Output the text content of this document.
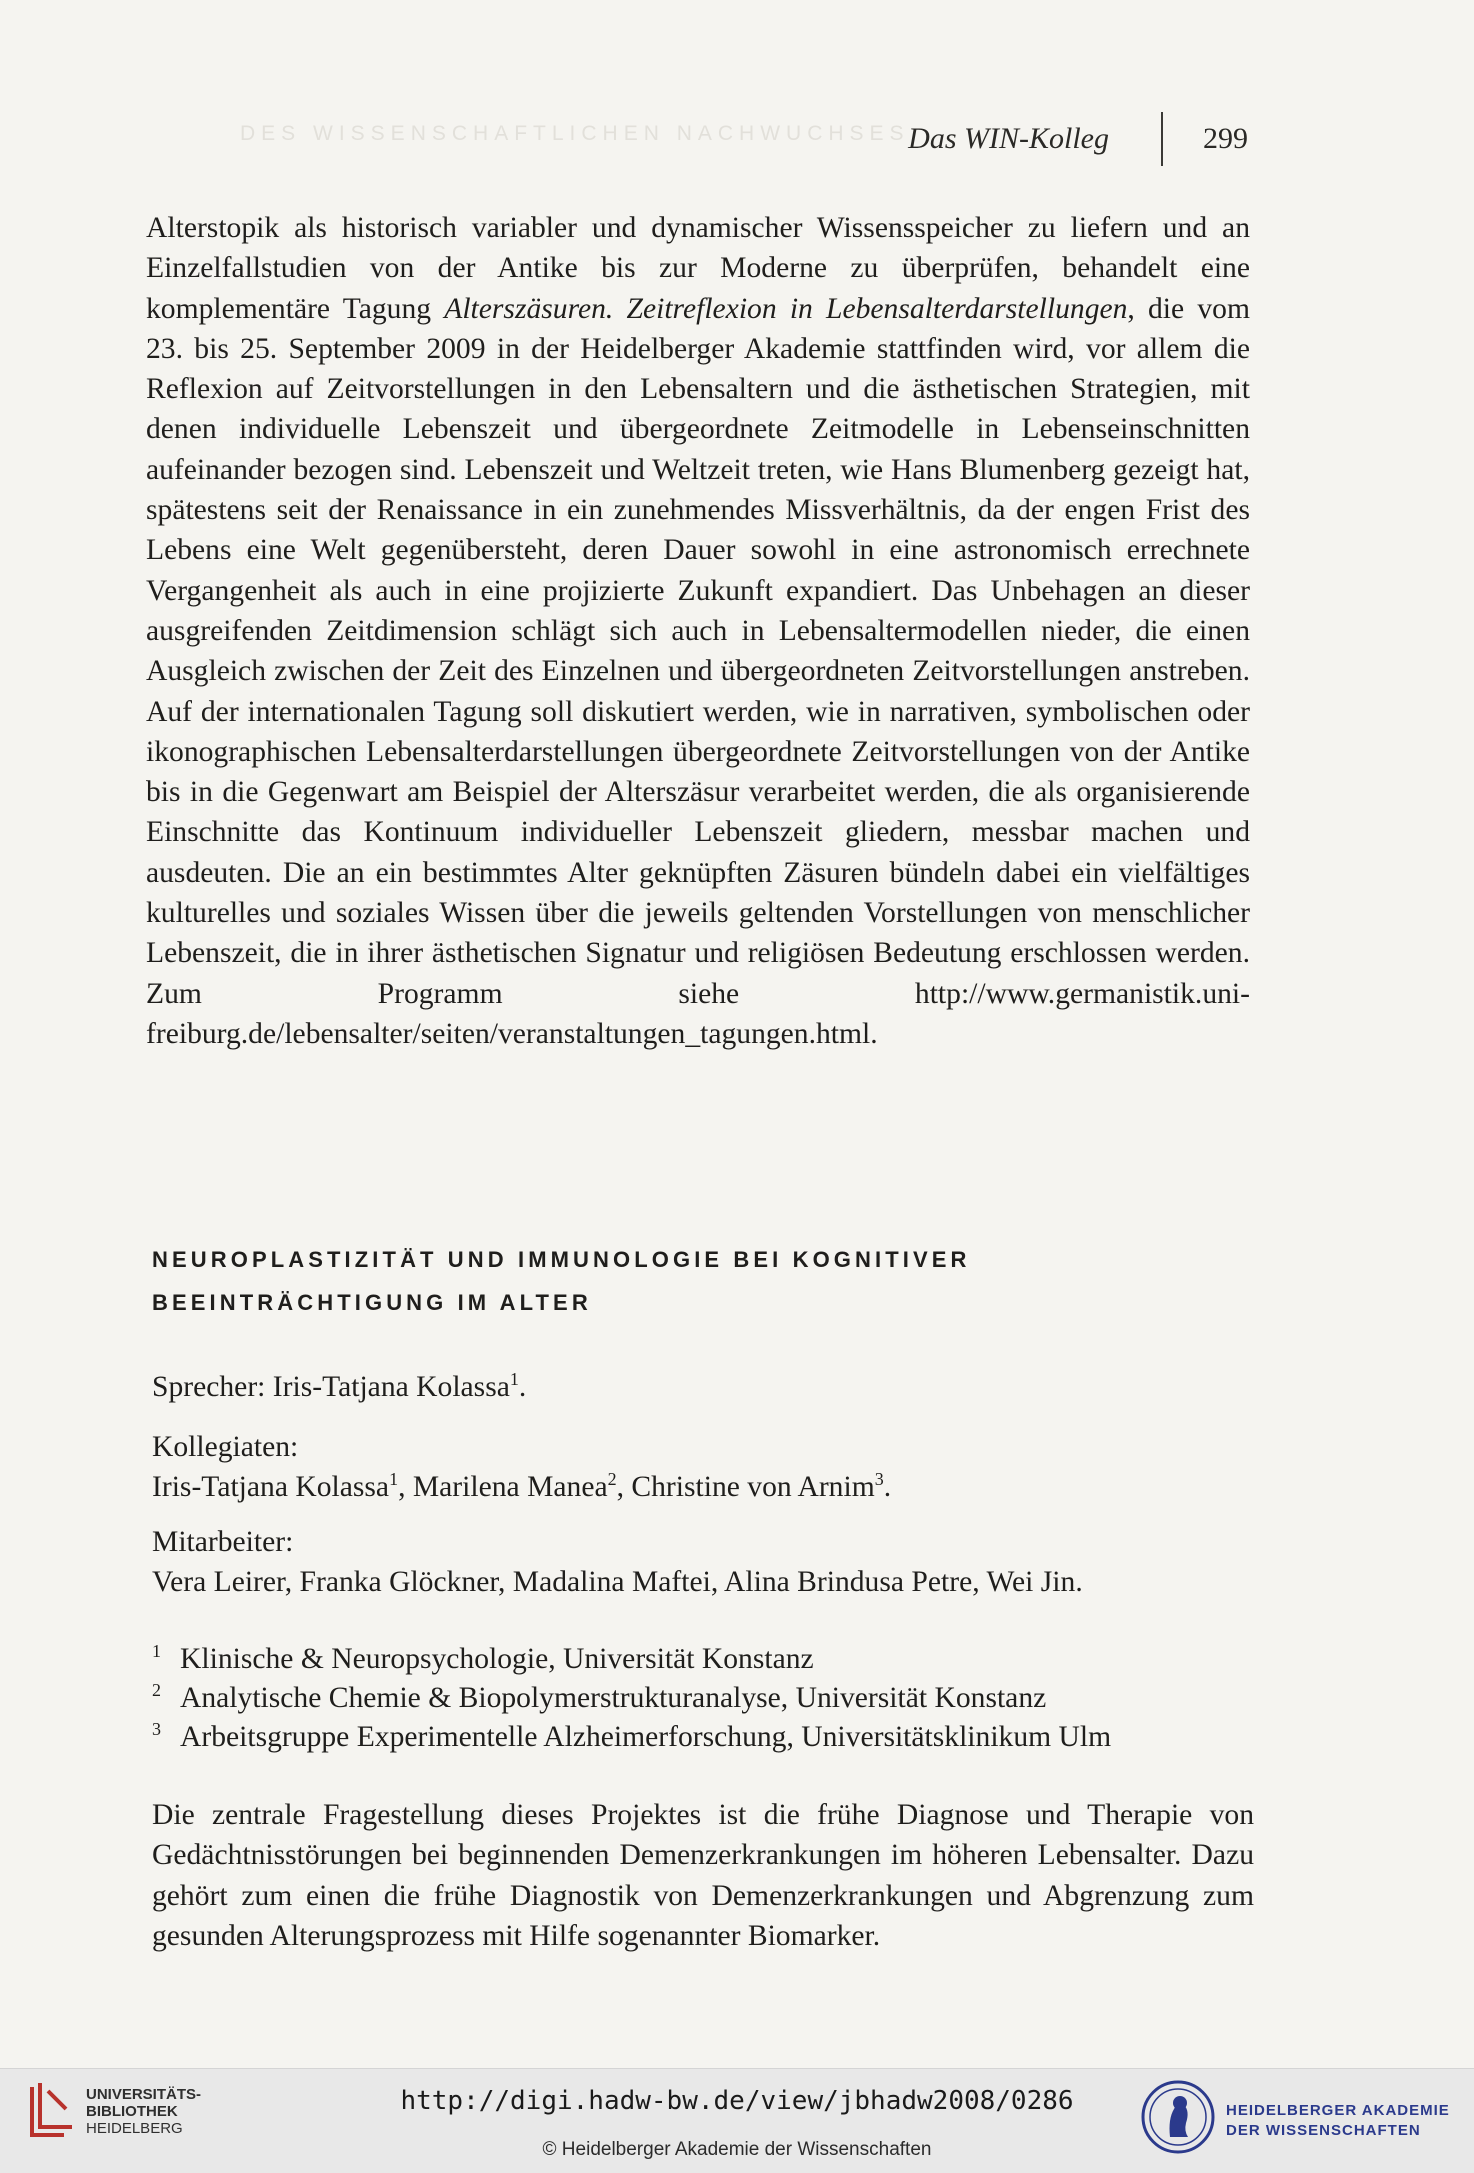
DES WISSENSCHAFTLICHEN NACHWUCHSES
Das WIN-Kolleg	299
Alterstopik als historisch variabler und dynamischer Wissensspeicher zu liefern und an Einzelfallstudien von der Antike bis zur Moderne zu überprüfen, behandelt eine komplementäre Tagung Alterszäsuren. Zeitreflexion in Lebensalterdarstellungen, die vom 23. bis 25. September 2009 in der Heidelberger Akademie stattfinden wird, vor allem die Reflexion auf Zeitvorstellungen in den Lebensaltern und die ästhetischen Strategien, mit denen individuelle Lebenszeit und übergeordnete Zeitmodelle in Lebenseinschnitten aufeinander bezogen sind. Lebenszeit und Weltzeit treten, wie Hans Blumenberg gezeigt hat, spätestens seit der Renaissance in ein zunehmendes Missverhältnis, da der engen Frist des Lebens eine Welt gegenübersteht, deren Dauer sowohl in eine astronomisch errechnete Vergangenheit als auch in eine projizierte Zukunft expandiert. Das Unbehagen an dieser ausgreifenden Zeitdimension schlägt sich auch in Lebensaltermodellen nieder, die einen Ausgleich zwischen der Zeit des Einzelnen und übergeordneten Zeitvorstellungen anstreben. Auf der internationalen Tagung soll diskutiert werden, wie in narrativen, symbolischen oder ikonographischen Lebensalterdarstellungen übergeordnete Zeitvorstellungen von der Antike bis in die Gegenwart am Beispiel der Alterszäsur verarbeitet werden, die als organisierende Einschnitte das Kontinuum individueller Lebenszeit gliedern, messbar machen und ausdeuten. Die an ein bestimmtes Alter geknüpften Zäsuren bündeln dabei ein vielfältiges kulturelles und soziales Wissen über die jeweils geltenden Vorstellungen von menschlicher Lebenszeit, die in ihrer ästhetischen Signatur und religiösen Bedeutung erschlossen werden. Zum Programm siehe http://www.germanistik.uni-freiburg.de/lebensalter/seiten/veranstaltungen_tagungen.html.
NEUROPLASTIZITÄT UND IMMUNOLOGIE BEI KOGNITIVER
BEEINTRÄCHTIGUNG IM ALTER
Sprecher: Iris-Tatjana Kolassa$^1$.
Kollegiaten:
Iris-Tatjana Kolassa$^1$, Marilena Manea$^2$, Christine von Arnim$^3$.
Mitarbeiter:
Vera Leirer, Franka Glöckner, Madalina Maftei, Alina Brindusa Petre, Wei Jin.
1 Klinische & Neuropsychologie, Universität Konstanz
2 Analytische Chemie & Biopolymerstrukturanalyse, Universität Konstanz
3 Arbeitsgruppe Experimentelle Alzheimerforschung, Universitätsklinikum Ulm
Die zentrale Fragestellung dieses Projektes ist die frühe Diagnose und Therapie von Gedächtnisstörungen bei beginnenden Demenzerkrankungen im höheren Lebensalter. Dazu gehört zum einen die frühe Diagnostik von Demenzerkrankungen und Abgrenzung zum gesunden Alterungsprozess mit Hilfe sogenannter Biomarker.
UNIVERSITÄTS-
BIBLIOTHEK
HEIDELBERG
http://digi.hadw-bw.de/view/jbhadw2008/0286
© Heidelberger Akademie der Wissenschaften
HEIDELBERGER AKADEMIE
DER WISSENSCHAFTEN
